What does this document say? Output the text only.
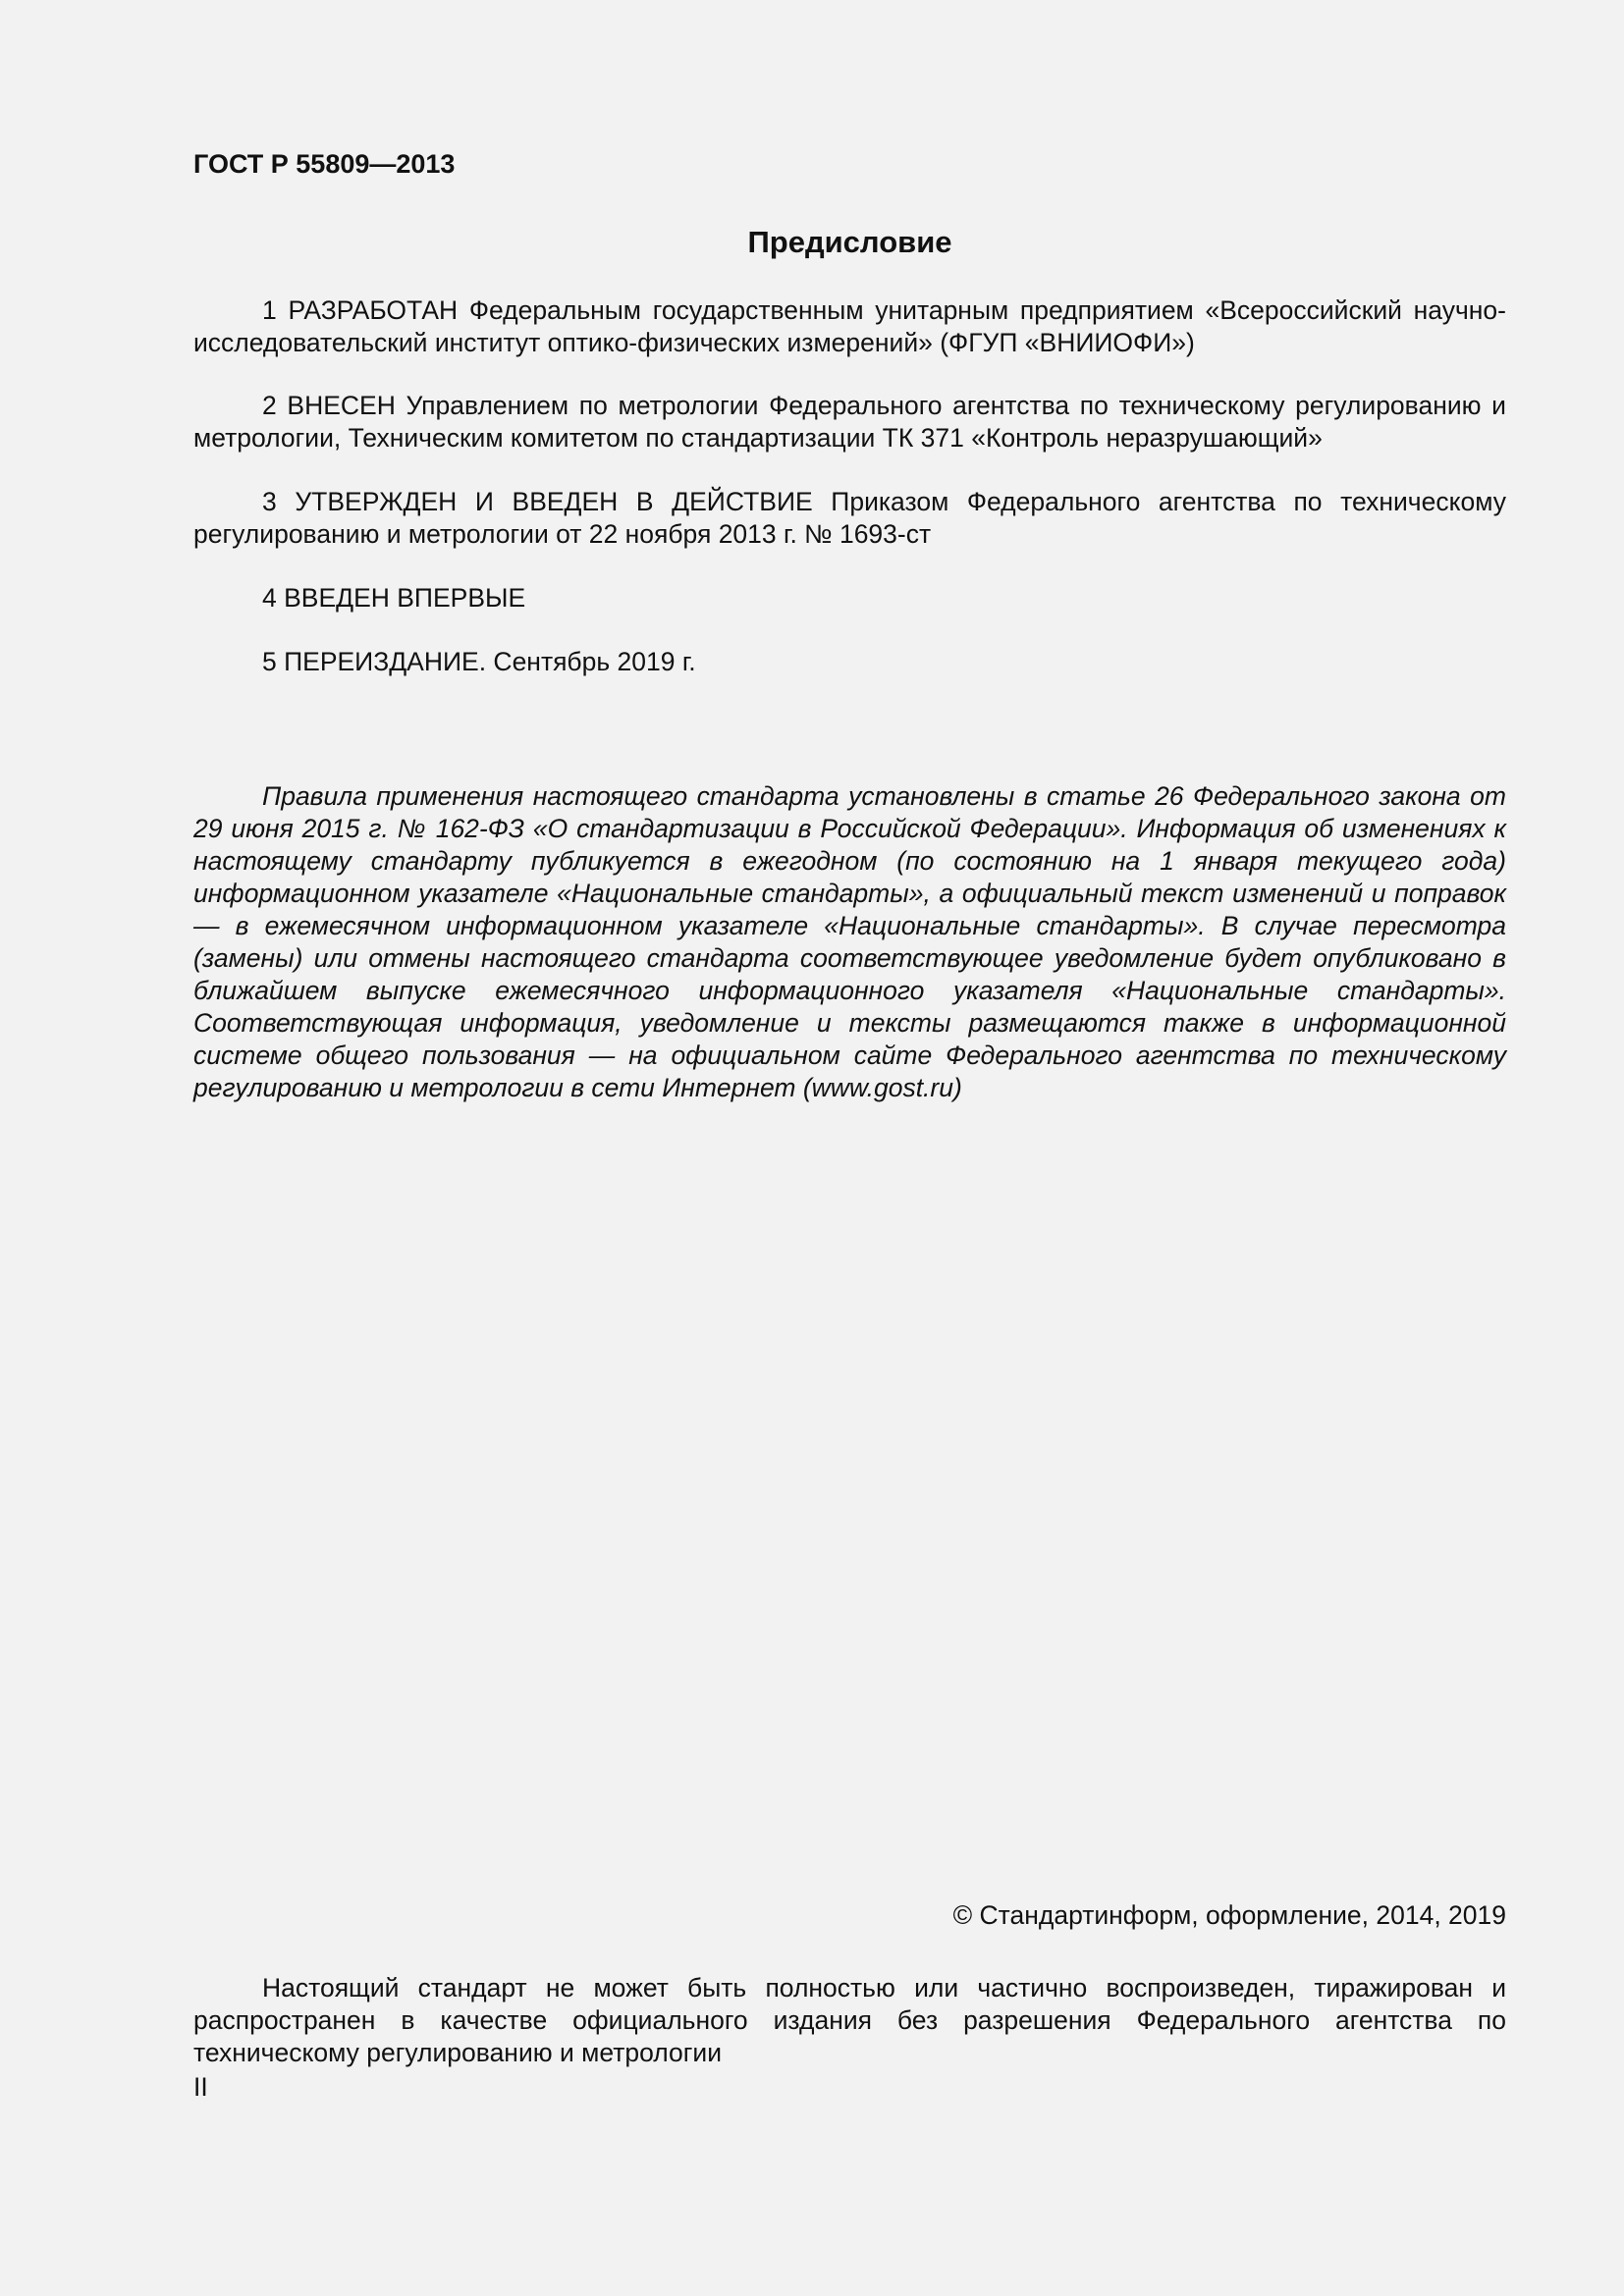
ГОСТ Р 55809—2013
Предисловие

1 РАЗРАБОТАН Федеральным государственным унитарным предприятием «Всероссийский научно-исследовательский институт оптико-физических измерений» (ФГУП «ВНИИОФИ»)

2 ВНЕСЕН Управлением по метрологии Федерального агентства по техническому регулированию и метрологии, Техническим комитетом по стандартизации ТК 371 «Контроль неразрушающий»

3 УТВЕРЖДЕН И ВВЕДЕН В ДЕЙСТВИЕ Приказом Федерального агентства по техническому регулированию и метрологии от 22 ноября 2013 г. № 1693-ст

4 ВВЕДЕН ВПЕРВЫЕ

5 ПЕРЕИЗДАНИЕ. Сентябрь 2019 г.

Правила применения настоящего стандарта установлены в статье 26 Федерального закона от 29 июня 2015 г. № 162-ФЗ «О стандартизации в Российской Федерации». Информация об изменениях к настоящему стандарту публикуется в ежегодном (по состоянию на 1 января текущего года) информационном указателе «Национальные стандарты», а официальный текст изменений и поправок — в ежемесячном информационном указателе «Национальные стандарты». В случае пересмотра (замены) или отмены настоящего стандарта соответствующее уведомление будет опубликовано в ближайшем выпуске ежемесячного информационного указателя «Национальные стандарты». Соответствующая информация, уведомление и тексты размещаются также в информационной системе общего пользования — на официальном сайте Федерального агентства по техническому регулированию и метрологии в сети Интернет (www.gost.ru)

© Стандартинформ, оформление, 2014, 2019

Настоящий стандарт не может быть полностью или частично воспроизведен, тиражирован и распространен в качестве официального издания без разрешения Федерального агентства по техническому регулированию и метрологии

II
